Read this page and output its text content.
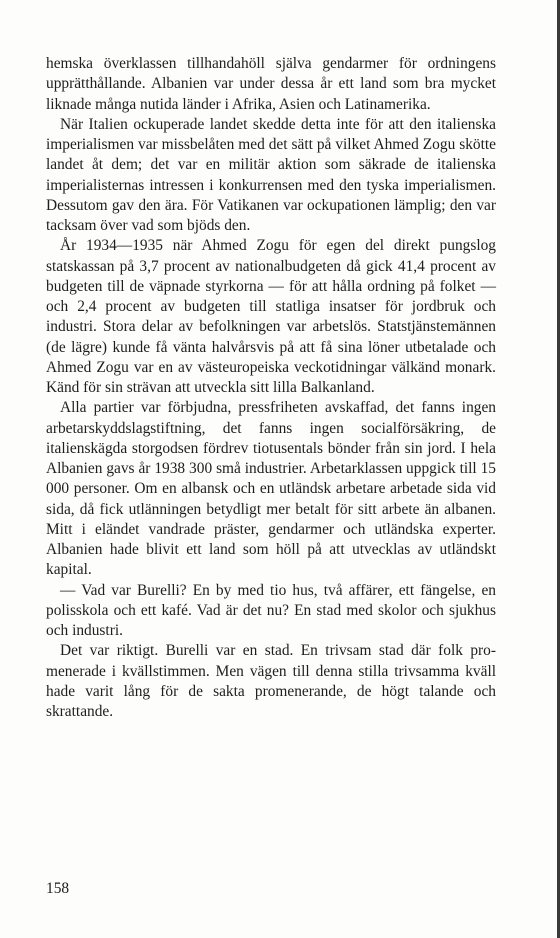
hemska överklassen tillhandahöll själva gendarmer för ordningens upprätthållande. Albanien var under dessa år ett land som bra mycket liknade många nutida länder i Afrika, Asien och Latinamerika.

När Italien ockuperade landet skedde detta inte för att den italienska imperialismen var missbelåten med det sätt på vilket Ahmed Zogu skötte landet åt dem; det var en militär aktion som säkrade de italienska imperialisternas intressen i konkurrensen med den tyska imperialismen. Dessutom gav den ära. För Vatikanen var ockupationen lämplig; den var tacksam över vad som bjöds den.

År 1934—1935 när Ahmed Zogu för egen del direkt pungslog statskassan på 3,7 procent av nationalbudgeten då gick 41,4 procent av budgeten till de väpnade styrkorna — för att hålla ordning på folket — och 2,4 procent av budgeten till statliga insatser för jordbruk och industri. Stora delar av befolkningen var arbetslös. Statstjänstemännen (de lägre) kunde få vänta halvårsvis på att få sina löner utbetalade och Ahmed Zogu var en av västeuropeiska veckotidningar välkänd monark. Känd för sin strävan att utveckla sitt lilla Balkanland.

Alla partier var förbjudna, pressfriheten avskaffad, det fanns ingen arbetarskyddslagstiftning, det fanns ingen socialförsäkring, de italienskägda storgodsen fördrev tiotusentals bönder från sin jord. I hela Albanien gavs år 1938 300 små industrier. Arbetarklassen uppgick till 15 000 personer. Om en albansk och en utländsk arbetare arbetade sida vid sida, då fick utlänningen betydligt mer betalt för sitt arbete än albanen. Mitt i eländet vandrade präster, gendarmer och utländska experter. Albanien hade blivit ett land som höll på att utvecklas av utländskt kapital.

— Vad var Burelli? En by med tio hus, två affärer, ett fängelse, en polisskola och ett kafé. Vad är det nu? En stad med skolor och sjukhus och industri.

Det var riktigt. Burelli var en stad. En trivsam stad där folk promenerade i kvällstimmen. Men vägen till denna stilla trivsamma kväll hade varit lång för de sakta promenerande, de högt talande och skrattande.

158
